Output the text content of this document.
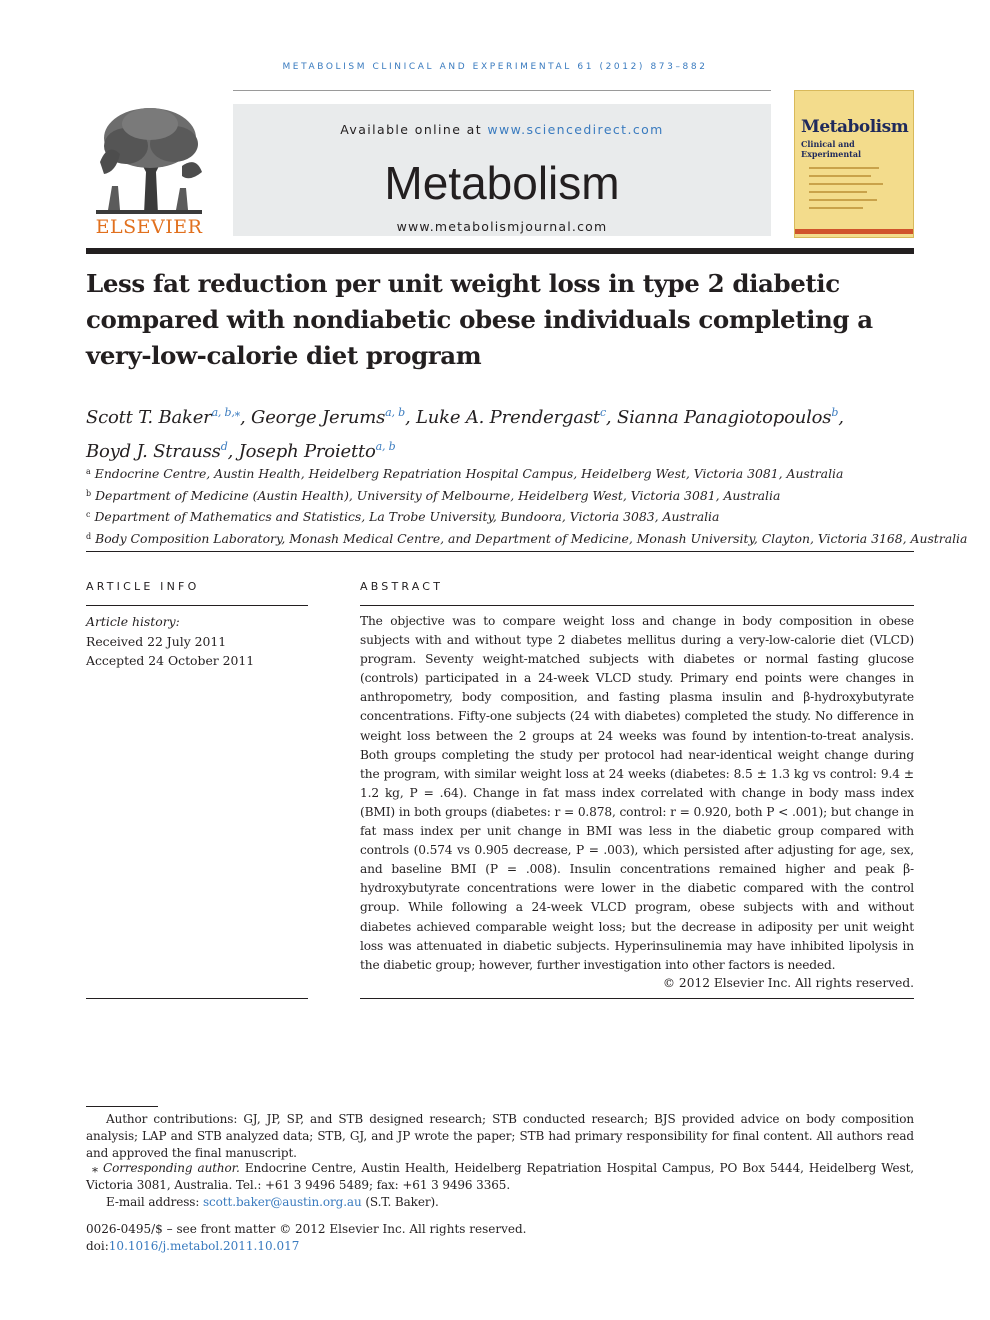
METABOLISM CLINICAL AND EXPERIMENTAL 61 (2012) 873–882
ELSEVIER
Available online at www.sciencedirect.com
Metabolism
www.metabolismjournal.com
Metabolism
Clinical and Experimental
Less fat reduction per unit weight loss in type 2 diabetic compared with nondiabetic obese individuals completing a very-low-calorie diet program
Scott T. Baker$^{a, b,⁎}$, George Jerums$^{a, b}$, Luke A. Prendergast$^c$, Sianna Panagiotopoulos$^b$,
Boyd J. Strauss$^d$, Joseph Proietto$^{a, b}$
$^a$ Endocrine Centre, Austin Health, Heidelberg Repatriation Hospital Campus, Heidelberg West, Victoria 3081, Australia
$^b$ Department of Medicine (Austin Health), University of Melbourne, Heidelberg West, Victoria 3081, Australia
$^c$ Department of Mathematics and Statistics, La Trobe University, Bundoora, Victoria 3083, Australia
$^d$ Body Composition Laboratory, Monash Medical Centre, and Department of Medicine, Monash University, Clayton, Victoria 3168, Australia
ARTICLE INFO
Article history:
Received 22 July 2011
Accepted 24 October 2011
ABSTRACT

The objective was to compare weight loss and change in body composition in obese subjects with and without type 2 diabetes mellitus during a very-low-calorie diet (VLCD) program. Seventy weight-matched subjects with diabetes or normal fasting glucose (controls) participated in a 24-week VLCD study. Primary end points were changes in anthropometry, body composition, and fasting plasma insulin and β-hydroxybutyrate concentrations. Fifty-one subjects (24 with diabetes) completed the study. No difference in weight loss between the 2 groups at 24 weeks was found by intention-to-treat analysis. Both groups completing the study per protocol had near-identical weight change during the program, with similar weight loss at 24 weeks (diabetes: 8.5 ± 1.3 kg vs control: 9.4 ± 1.2 kg, P = .64). Change in fat mass index correlated with change in body mass index (BMI) in both groups (diabetes: r = 0.878, control: r = 0.920, both P < .001); but change in fat mass index per unit change in BMI was less in the diabetic group compared with controls (0.574 vs 0.905 decrease, P = .003), which persisted after adjusting for age, sex, and baseline BMI (P = .008). Insulin concentrations remained higher and peak β-hydroxybutyrate concentrations were lower in the diabetic compared with the control group. While following a 24-week VLCD program, obese subjects with and without diabetes achieved comparable weight loss; but the decrease in adiposity per unit weight loss was attenuated in diabetic subjects. Hyperinsulinemia may have inhibited lipolysis in the diabetic group; however, further investigation into other factors is needed.

© 2012 Elsevier Inc. All rights reserved.

Author contributions: GJ, JP, SP, and STB designed research; STB conducted research; BJS provided advice on body composition analysis; LAP and STB analyzed data; STB, GJ, and JP wrote the paper; STB had primary responsibility for final content. All authors read and approved the final manuscript.

⁎ Corresponding author. Endocrine Centre, Austin Health, Heidelberg Repatriation Hospital Campus, PO Box 5444, Heidelberg West, Victoria 3081, Australia. Tel.: +61 3 9496 5489; fax: +61 3 9496 3365.

E-mail address: scott.baker@austin.org.au (S.T. Baker).

0026-0495/$ – see front matter © 2012 Elsevier Inc. All rights reserved.
doi:10.1016/j.metabol.2011.10.017
